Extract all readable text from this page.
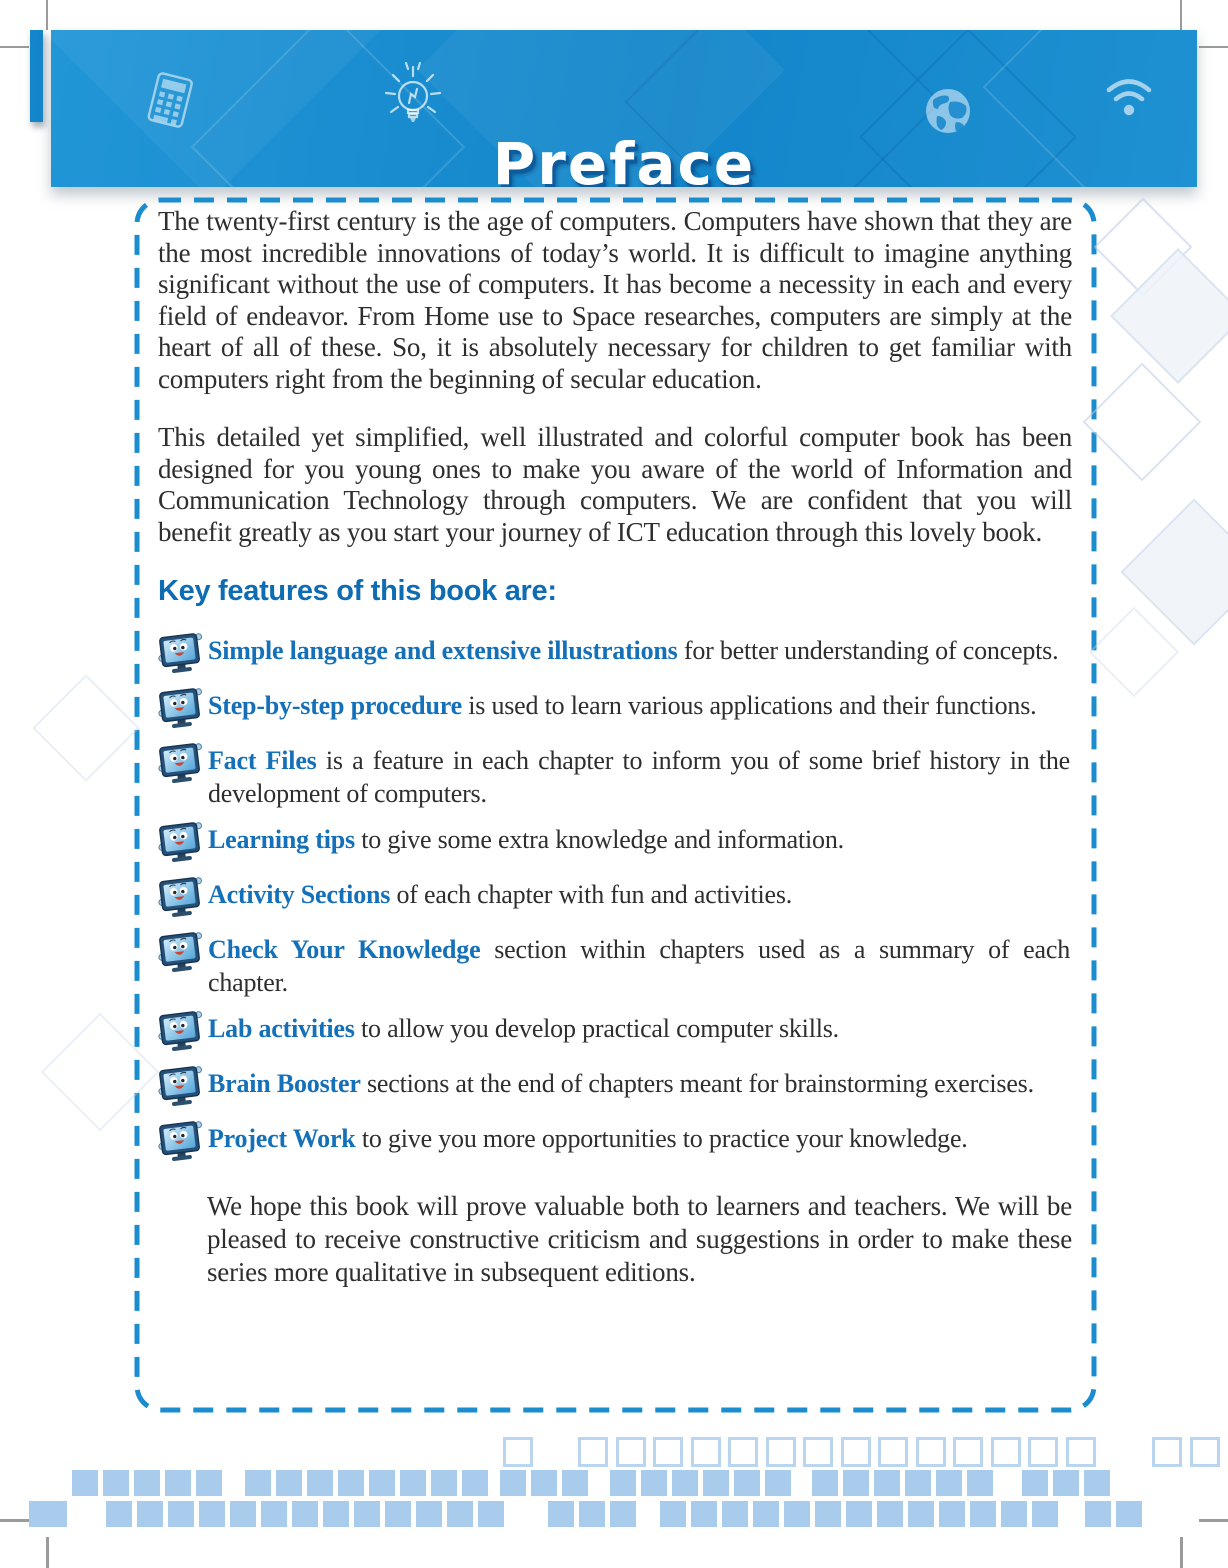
Preface

The twenty-first century is the age of computers. Computers have shown that they are the most incredible innovations of today’s world. It is difficult to imagine anything significant without the use of computers. It has become a necessity in each and every field of endeavor. From Home use to Space researches, computers are simply at the heart of all of these. So, it is absolutely necessary for children to get familiar with computers right from the beginning of secular education.

This detailed yet simplified, well illustrated and colorful computer book has been designed for you young ones to make you aware of the world of Information and Communication Technology through computers. We are confident that you will benefit greatly as you start your journey of ICT education through this lovely book.

Key features of this book are:

Simple language and extensive illustrations for better understanding of concepts.

Step-by-step procedure is used to learn various applications and their functions.

Fact Files is a feature in each chapter to inform you of some brief history in the development of computers.

Learning tips to give some extra knowledge and information.

Activity Sections of each chapter with fun and activities.

Check Your Knowledge section within chapters used as a summary of each chapter.

Lab activities to allow you develop practical computer skills.

Brain Booster sections at the end of chapters meant for brainstorming exercises.

Project Work to give you more opportunities to practice your knowledge.

We hope this book will prove valuable both to learners and teachers. We will be pleased to receive constructive criticism and suggestions in order to make these series more qualitative in subsequent editions.
